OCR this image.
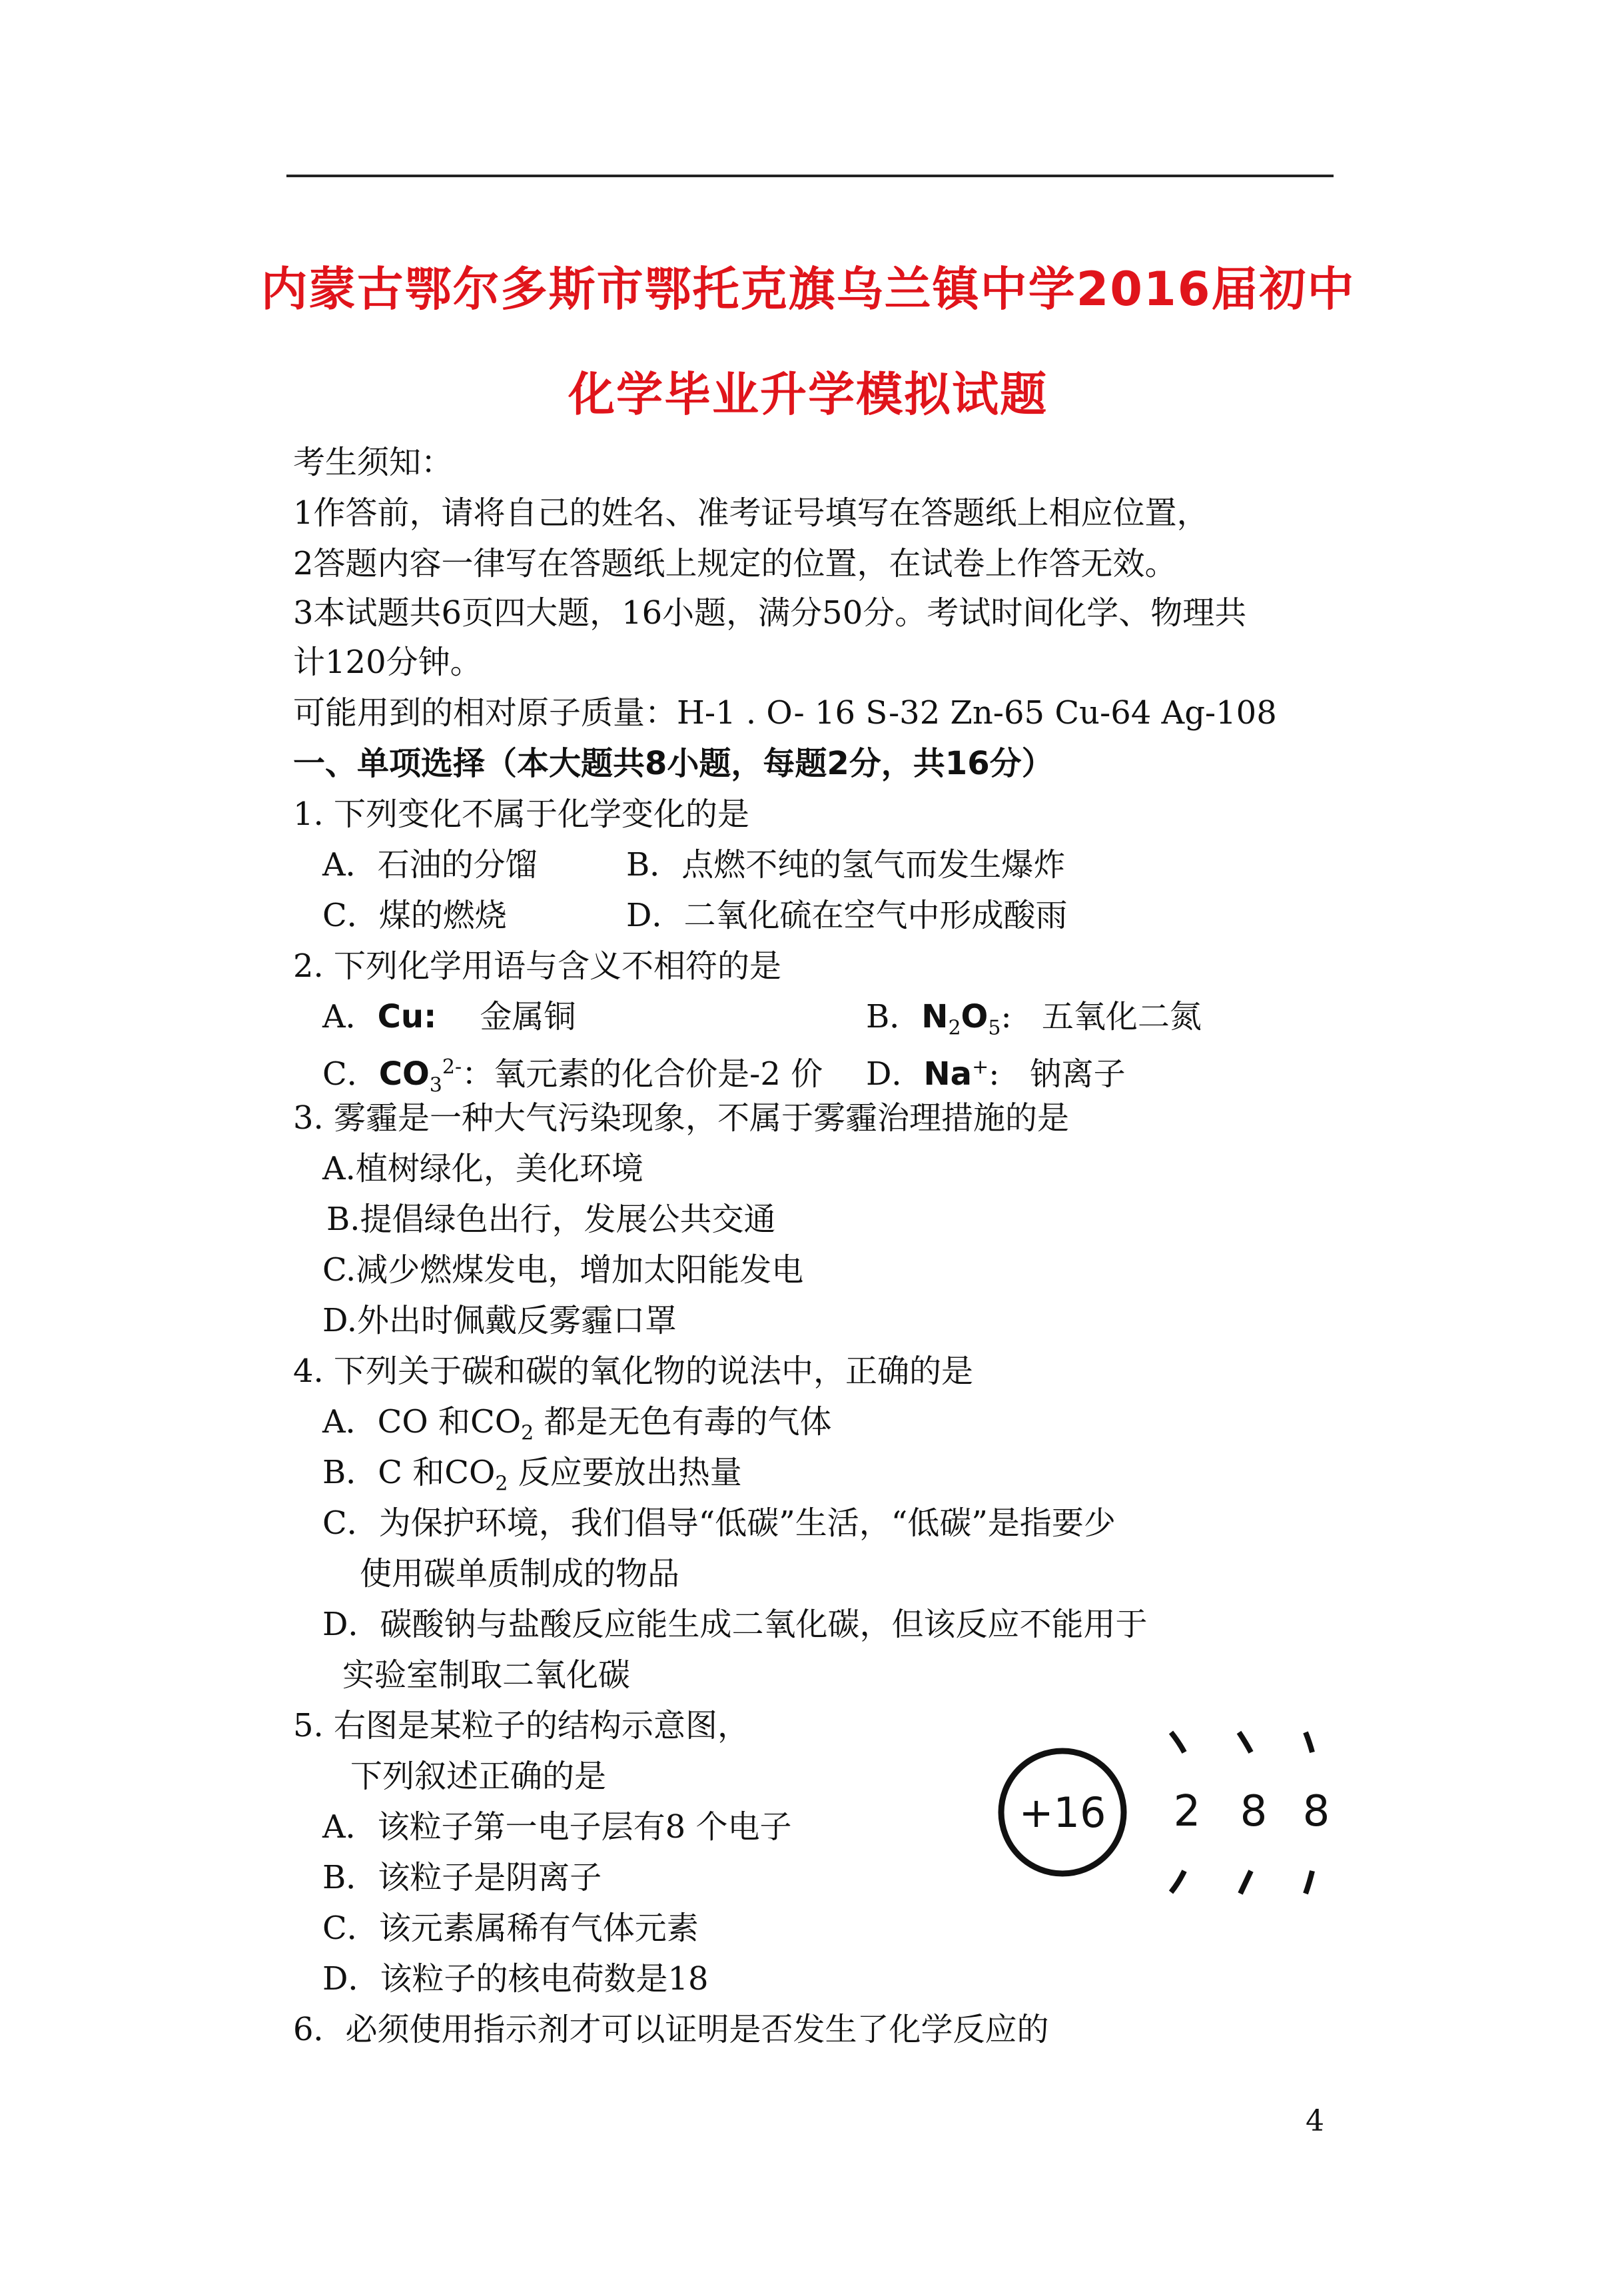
内蒙古鄂尔多斯市鄂托克旗乌兰镇中学2016届初中
化学毕业升学模拟试题
考生须知：
1作答前，请将自己的姓名、准考证号填写在答题纸上相应位置，
2答题内容一律写在答题纸上规定的位置，在试卷上作答无效。
3本试题共6页四大题，16小题，满分50分。考试时间化学、物理共
计120分钟。
可能用到的相对原子质量：H-1 . O- 16 S-32 Zn-65 Cu-64 Ag-108
一、单项选择（本大题共8小题，每题2分，共16分）
1. 下列变化不属于化学变化的是
A．石油的分馏	B．点燃不纯的氢气而发生爆炸
C．煤的燃烧	D．二氧化硫在空气中形成酸雨
2. 下列化学用语与含义不相符的是
A．Cu: 金属铜	B．$N_2O_5$: 五氧化二氮
C．$CO_3^{2-}$：氧元素的化合价是-2 价 D．Na+: 钠离子
3. 雾霾是一种大气污染现象，不属于雾霾治理措施的是
A.植树绿化，美化环境
B.提倡绿色出行，发展公共交通
C.减少燃煤发电，增加太阳能发电
D.外出时佩戴反雾霾口罩
4. 下列关于碳和碳的氧化物的说法中，正确的是
A．CO 和$CO_2$ 都是无色有毒的气体
B．C 和$CO_2$ 反应要放出热量
C．为保护环境，我们倡导“低碳”生活，“低碳”是指要少
使用碳单质制成的物品
D．碳酸钠与盐酸反应能生成二氧化碳，但该反应不能用于
实验室制取二氧化碳
5. 右图是某粒子的结构示意图，
下列叙述正确的是
A．该粒子第一电子层有8 个电子
B．该粒子是阴离子
C．该元素属稀有气体元素
D．该粒子的核电荷数是18
+16 2 8 8
6．必须使用指示剂才可以证明是否发生了化学反应的
4
